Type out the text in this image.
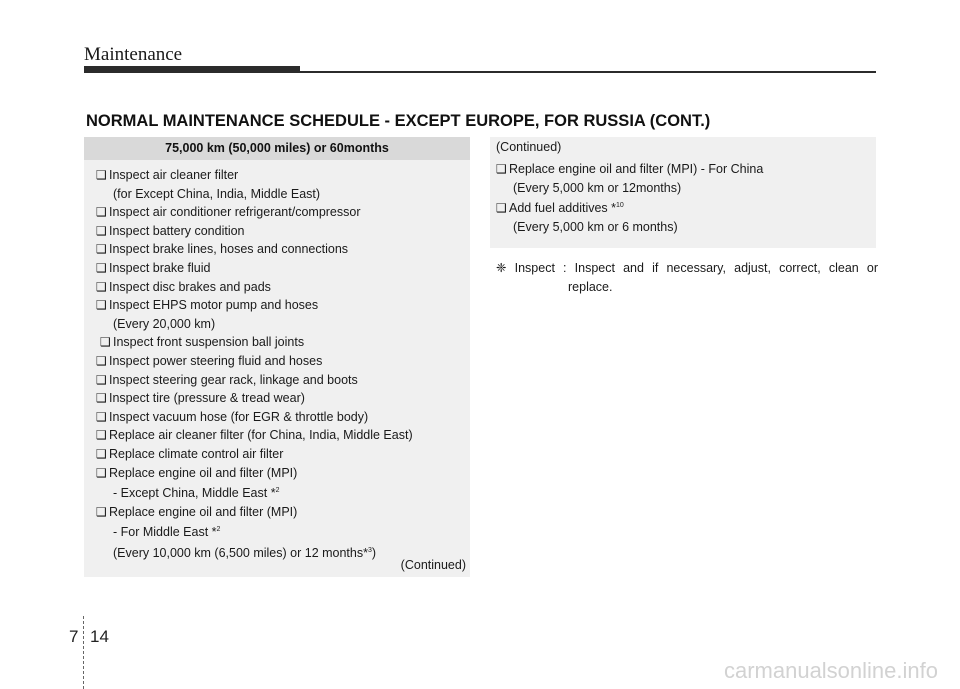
Maintenance
NORMAL MAINTENANCE SCHEDULE - EXCEPT EUROPE, FOR RUSSIA (CONT.)
75,000 km (50,000 miles) or 60months
❑ Inspect air cleaner filter
(for Except China, India, Middle East)
❑ Inspect air conditioner refrigerant/compressor
❑ Inspect battery condition
❑ Inspect brake lines, hoses and connections
❑ Inspect brake fluid
❑ Inspect disc brakes and pads
❑ Inspect EHPS motor pump and hoses
(Every 20,000 km)
❑ Inspect front suspension ball joints
❑ Inspect power steering fluid and hoses
❑ Inspect steering gear rack, linkage and boots
❑ Inspect tire (pressure & tread wear)
❑ Inspect vacuum hose (for EGR & throttle body)
❑ Replace air cleaner filter (for China, India, Middle East)
❑ Replace climate control air filter
❑ Replace engine oil and filter (MPI)
- Except China, Middle East *$^2$
❑ Replace engine oil and filter (MPI)
- For Middle East *$^2$
(Every 10,000 km (6,500 miles) or 12 months*$^3$)
(Continued)
(Continued)
❑ Replace engine oil and filter (MPI) - For China
(Every 5,000 km or 12months)
❑ Add fuel additives *$^{10}$
(Every 5,000 km or 6 months)
❈ Inspect : Inspect and if necessary, adjust, correct, clean or
replace.
7 14
carmanualsonline.info
